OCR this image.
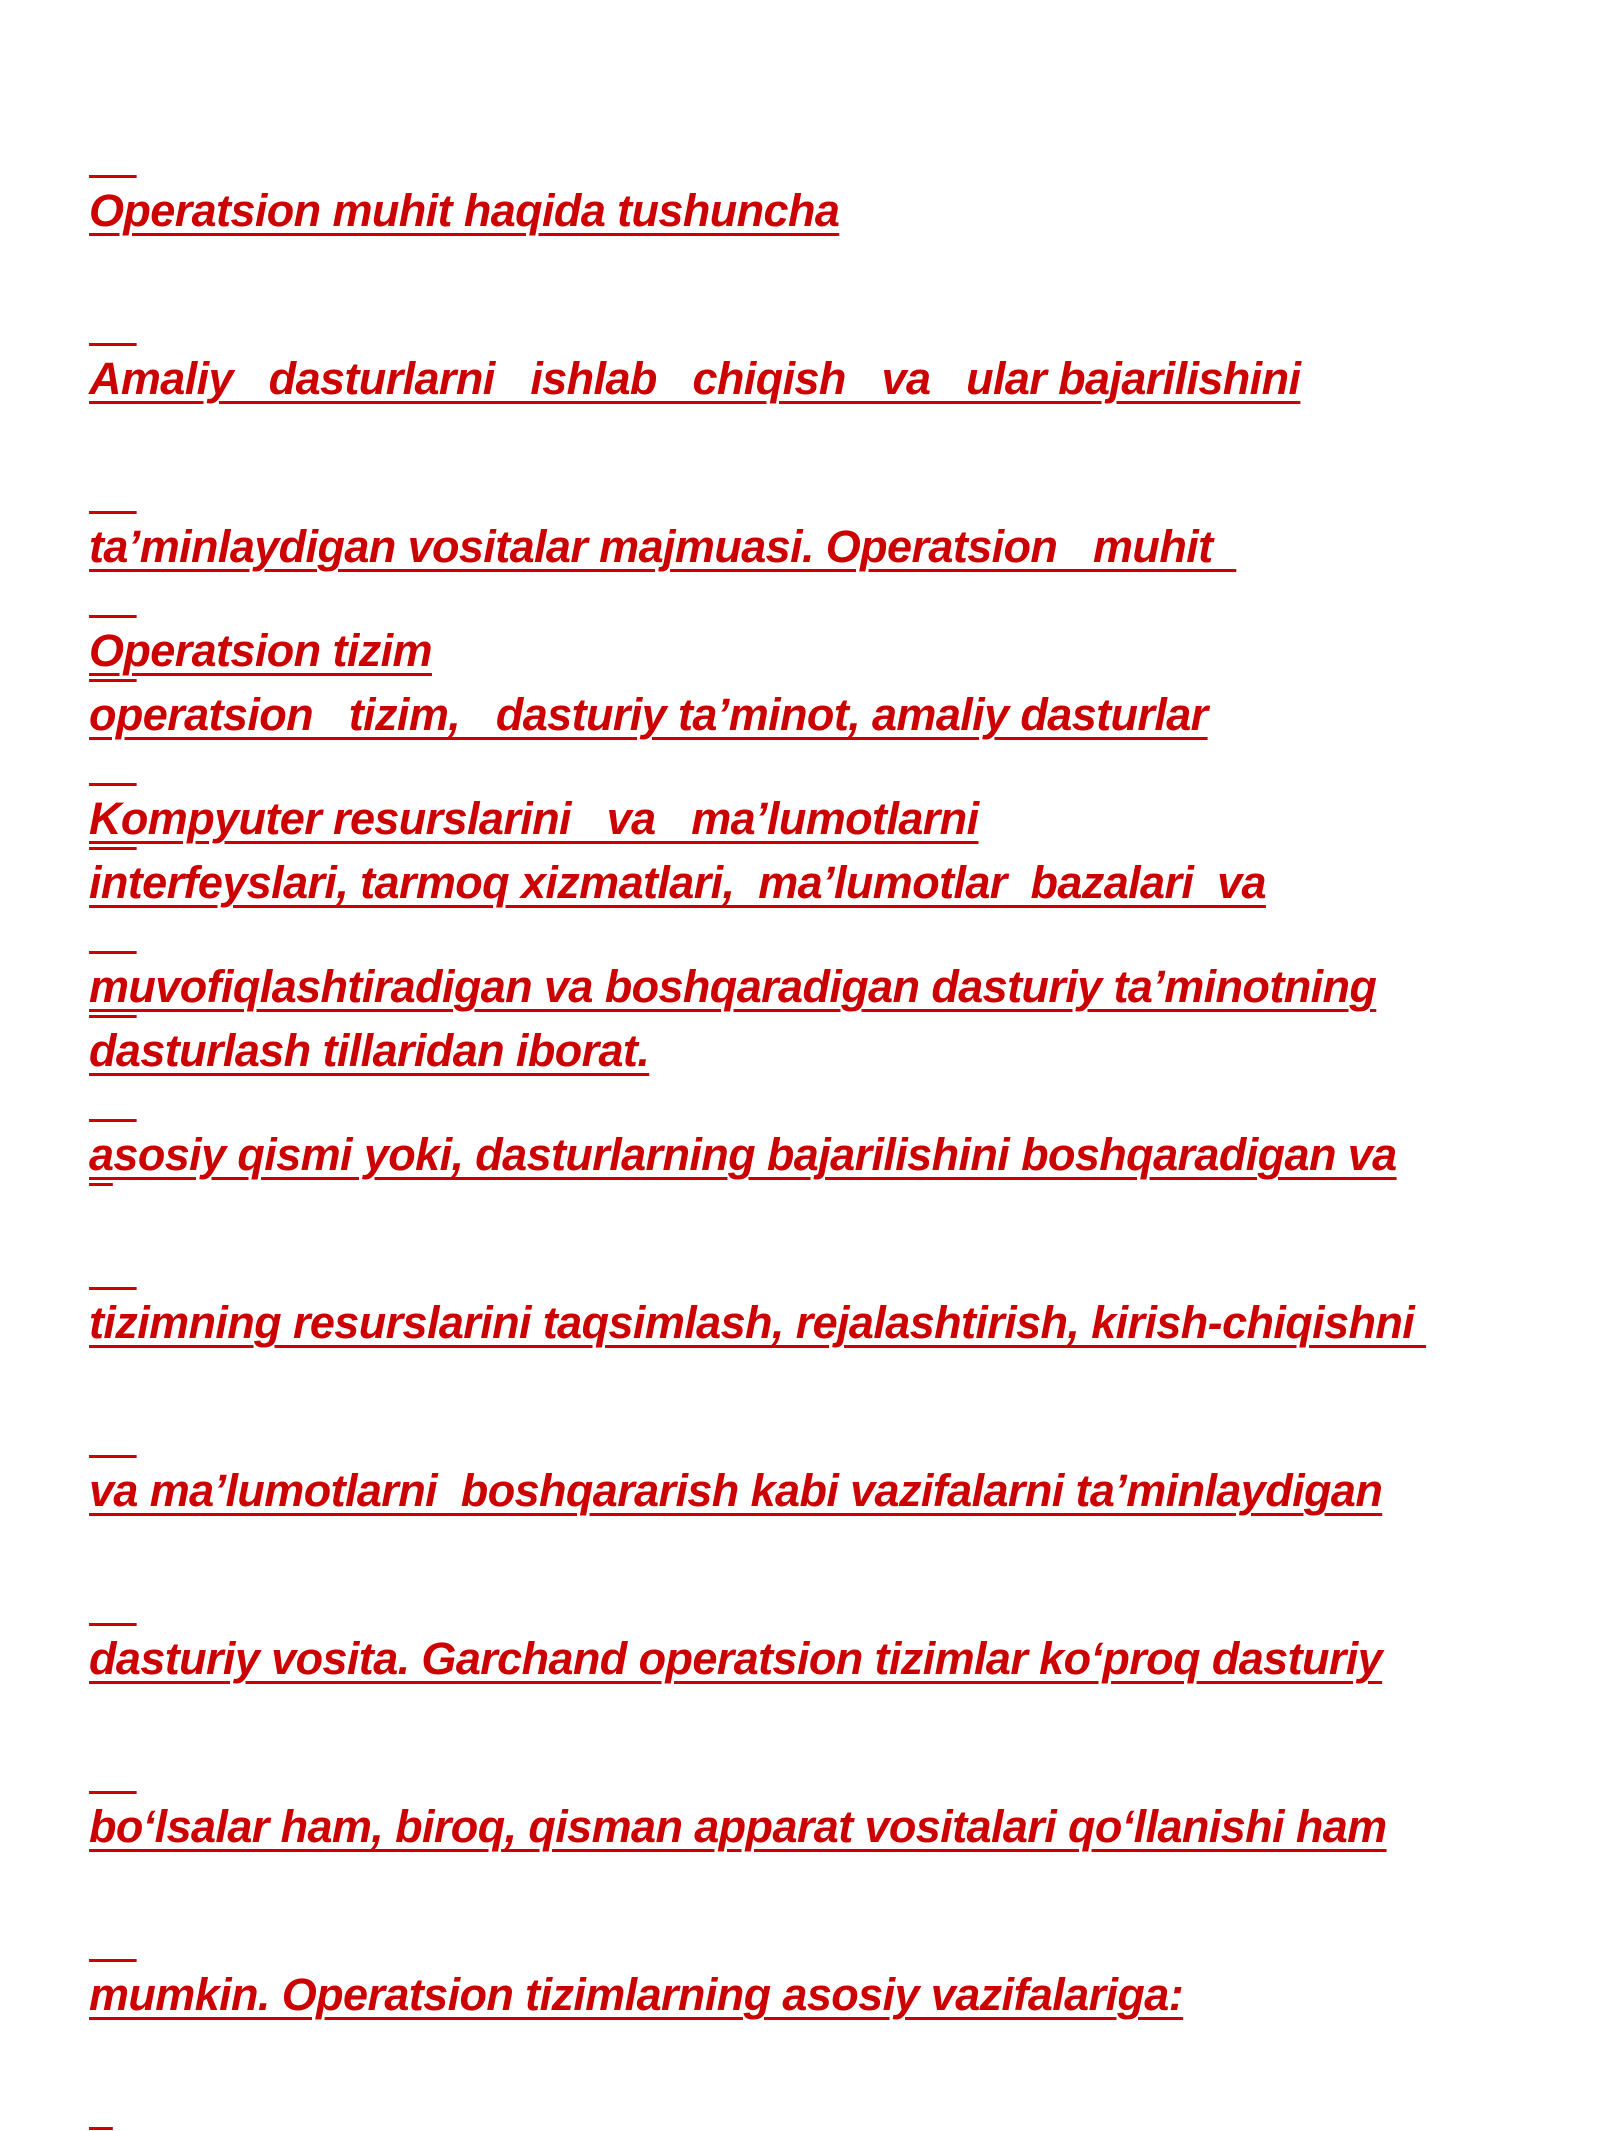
Operatsion muhit haqida tushuncha

Amaliy   dasturlarni   ishlab   chiqish   va   ular bajarilishini

ta’minlaydigan vositalar majmuasi. Operatsion   muhit

operatsion   tizim,   dasturiy ta’minot, amaliy dasturlar

interfeyslari, tarmoq xizmatlari,  ma’lumotlar  bazalari  va

dasturlash tillaridan iborat.

Operatsion tizim

Kompyuter resurslarini   va   ma’lumotlarni

muvofiqlashtiradigan va boshqaradigan dasturiy ta’minotning

asosiy qismi yoki, dasturlarning bajarilishini boshqaradigan va

tizimning resurslarini taqsimlash, rejalashtirish, kirish-chiqishni

va ma’lumotlarni  boshqararish kabi vazifalarni ta’minlaydigan

dasturiy vosita. Garchand operatsion tizimlar ko‘proq dasturiy

bo‘lsalar ham, biroq, qisman apparat vositalari qo‘llanishi ham

mumkin. Operatsion tizimlarning asosiy vazifalariga:
